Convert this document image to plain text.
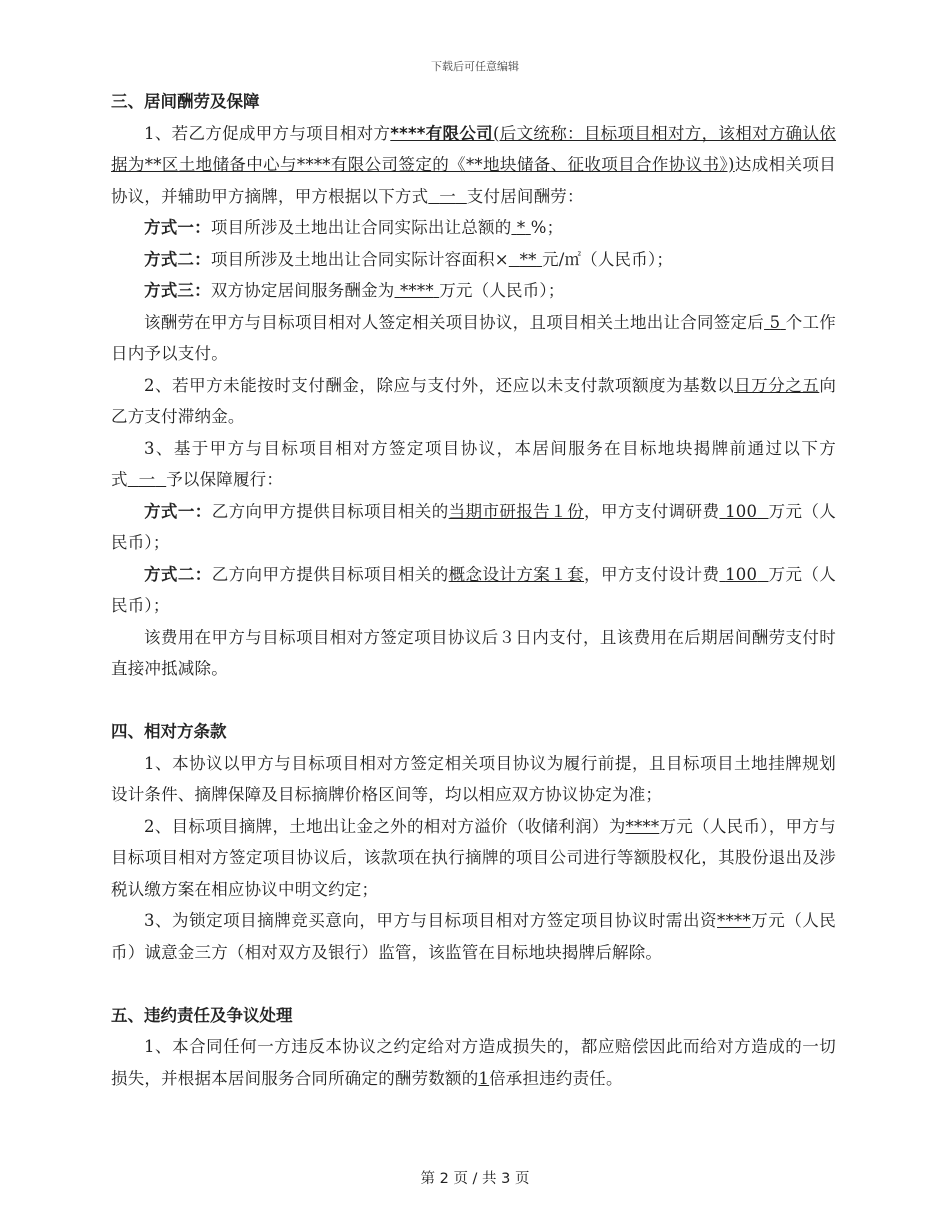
下载后可任意编辑

三、居间酬劳及保障

1、若乙方促成甲方与项目相对方****有限公司(后文统称：目标项目相对方，该相对方确认依据为**区土地储备中心与****有限公司签定的《**地块储备、征收项目合作协议书》)达成相关项目协议，并辅助甲方摘牌，甲方根据以下方式 一 支付居间酬劳：

方式一：项目所涉及土地出让合同实际出让总额的 * %；

方式二：项目所涉及土地出让合同实际计容面积× ** 元/㎡（人民币）；

方式三：双方协定居间服务酬金为 **** 万元（人民币）；

该酬劳在甲方与目标项目相对人签定相关项目协议，且项目相关土地出让合同签定后 5 个工作日内予以支付。

2、若甲方未能按时支付酬金，除应与支付外，还应以未支付款项额度为基数以日万分之五向乙方支付滞纳金。

3、基于甲方与目标项目相对方签定项目协议，本居间服务在目标地块揭牌前通过以下方式 一 予以保障履行：

方式一：乙方向甲方提供目标项目相关的当期市研报告１份，甲方支付调研费 100 万元（人民币）；

方式二：乙方向甲方提供目标项目相关的概念设计方案１套，甲方支付设计费 100 万元（人民币）；

该费用在甲方与目标项目相对方签定项目协议后３日内支付，且该费用在后期居间酬劳支付时直接冲抵减除。

四、相对方条款

1、本协议以甲方与目标项目相对方签定相关项目协议为履行前提，且目标项目土地挂牌规划设计条件、摘牌保障及目标摘牌价格区间等，均以相应双方协议协定为准；

2、目标项目摘牌，土地出让金之外的相对方溢价（收储利润）为****万元（人民币），甲方与目标项目相对方签定项目协议后，该款项在执行摘牌的项目公司进行等额股权化，其股份退出及涉税认缴方案在相应协议中明文约定；

3、为锁定项目摘牌竞买意向，甲方与目标项目相对方签定项目协议时需出资****万元（人民币）诚意金三方（相对双方及银行）监管，该监管在目标地块揭牌后解除。

五、违约责任及争议处理

1、本合同任何一方违反本协议之约定给对方造成损失的，都应赔偿因此而给对方造成的一切损失，并根据本居间服务合同所确定的酬劳数额的1倍承担违约责任。

第 2 页 / 共 3 页
